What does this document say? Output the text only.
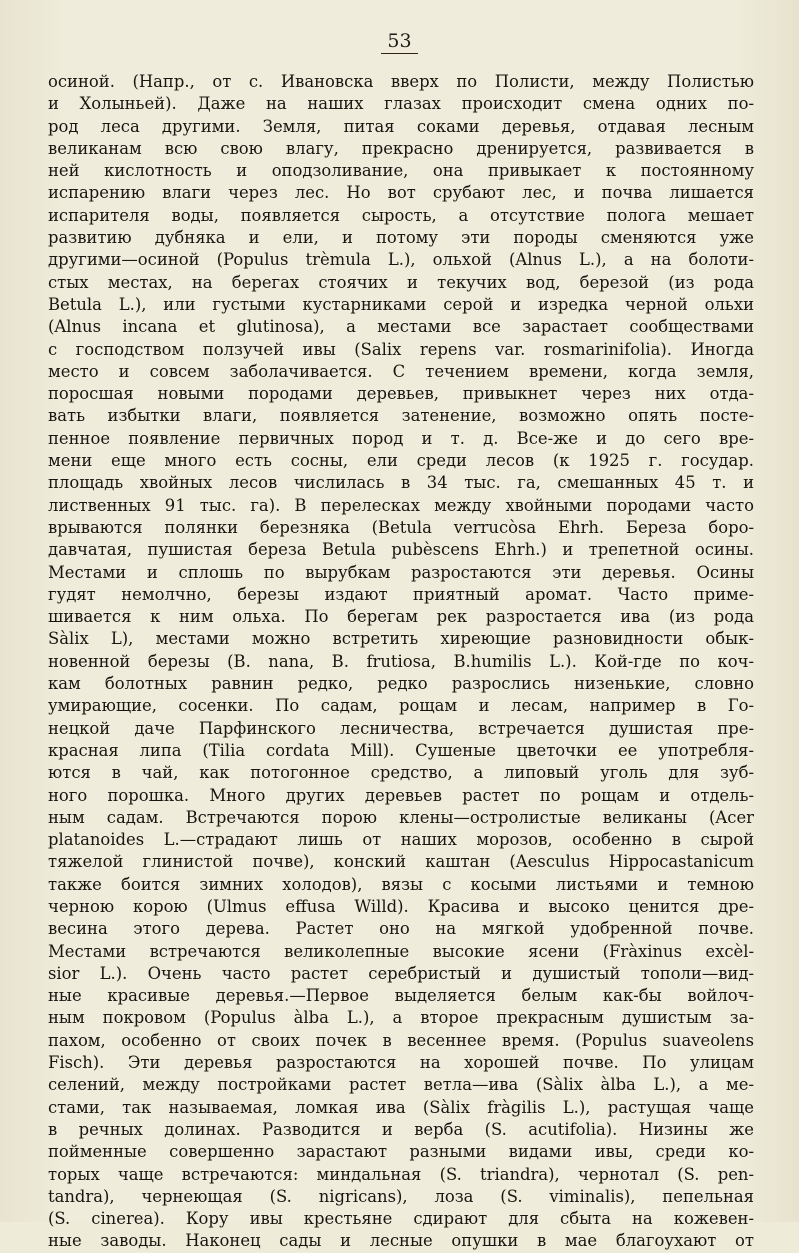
53
осиной. (Напр., от с. Ивановска вверх по Полисти, между Полистью
и Холыньей). Даже на наших глазах происходит смена одних по-
род леса другими. Земля, питая соками деревья, отдавая лесным
великанам всю свою влагу, прекрасно дренируется, развивается в
ней кислотность и оподзоливание, она привыкает к постоянному
испарению влаги через лес. Но вот срубают лес, и почва лишается
испарителя воды, появляется сырость, а отсутствие полога мешает
развитию дубняка и ели, и потому эти породы сменяются уже
другими—осиной (Populus trèmula L.), ольхой (Alnus L.), а на болоти-
стых местах, на берегах стоячих и текучих вод, березой (из рода
Betula L.), или густыми кустарниками серой и изредка черной ольхи
(Alnus incana et glutinosa), а местами все зарастает сообществами
с господством ползучей ивы (Salix repens var. rosmarinifolia). Иногда
место и совсем заболачивается. С течением времени, когда земля,
поросшая новыми породами деревьев, привыкнет через них отда-
вать избытки влаги, появляется затенение, возможно опять посте-
пенное появление первичных пород и т. д. Все-же и до сего вре-
мени еще много есть сосны, ели среди лесов (к 1925 г. государ.
площадь хвойных лесов числилась в 34 тыс. га, смешанных 45 т. и
лиственных 91 тыс. га). В перелесках между хвойными породами часто
врываются полянки березняка (Betula verrucòsa Ehrh. Береза боро-
давчатая, пушистая береза Betula pubèscens Ehrh.) и трепетной осины.
Местами и сплошь по вырубкам разростаются эти деревья. Осины
гудят немолчно, березы издают приятный аромат. Часто приме-
шивается к ним ольха. По берегам рек разростается ива (из рода
Sàlix L), местами можно встретить хиреющие разновидности обык-
новенной березы (B. nana, B. frutiosa, B.humilis L.). Кой-где по коч-
кам болотных равнин редко, редко разрослись низенькие, словно
умирающие, сосенки. По садам, рощам и лесам, например в Го-
нецкой даче Парфинского лесничества, встречается душистая пре-
красная липа (Tilia cordata Mill). Сушеные цветочки ее употребля-
ются в чай, как потогонное средство, а липовый уголь для зуб-
ного порошка. Много других деревьев растет по рощам и отдель-
ным садам. Встречаются порою клены—остролистые великаны (Acer
platanoides L.—страдают лишь от наших морозов, особенно в сырой
тяжелой глинистой почве), конский каштан (Aesculus Hippocastanicum
также боится зимних холодов), вязы с косыми листьями и темною
черною корою (Ulmus effusa Willd). Красива и высоко ценится дре-
весина этого дерева. Растет оно на мягкой удобренной почве.
Местами встречаются великолепные высокие ясени (Fràxinus excèl-
sior L.). Очень часто растет серебристый и душистый тополи—вид-
ные красивые деревья.—Первое выделяется белым как-бы войлоч-
ным покровом (Populus àlba L.), а второе прекрасным душистым за-
пахом, особенно от своих почек в весеннее время. (Populus suaveolens
Fisch). Эти деревья разростаются на хорошей почве. По улицам
селений, между постройками растет ветла—ива (Sàlix àlba L.), а ме-
стами, так называемая, ломкая ива (Sàlix fràgilis L.), растущая чаще
в речных долинах. Разводится и верба (S. acutifolia). Низины же
пойменные совершенно зарастают разными видами ивы, среди ко-
торых чаще встречаются: миндальная (S. triandra), чернотал (S. pen-
tandra), чернеющая (S. nigricans), лоза (S. viminalis), пепельная
(S. cinerea). Кору ивы крестьяне сдирают для сбыта на кожевен-
ные заводы. Наконец сады и лесные опушки в мае благоухают от
